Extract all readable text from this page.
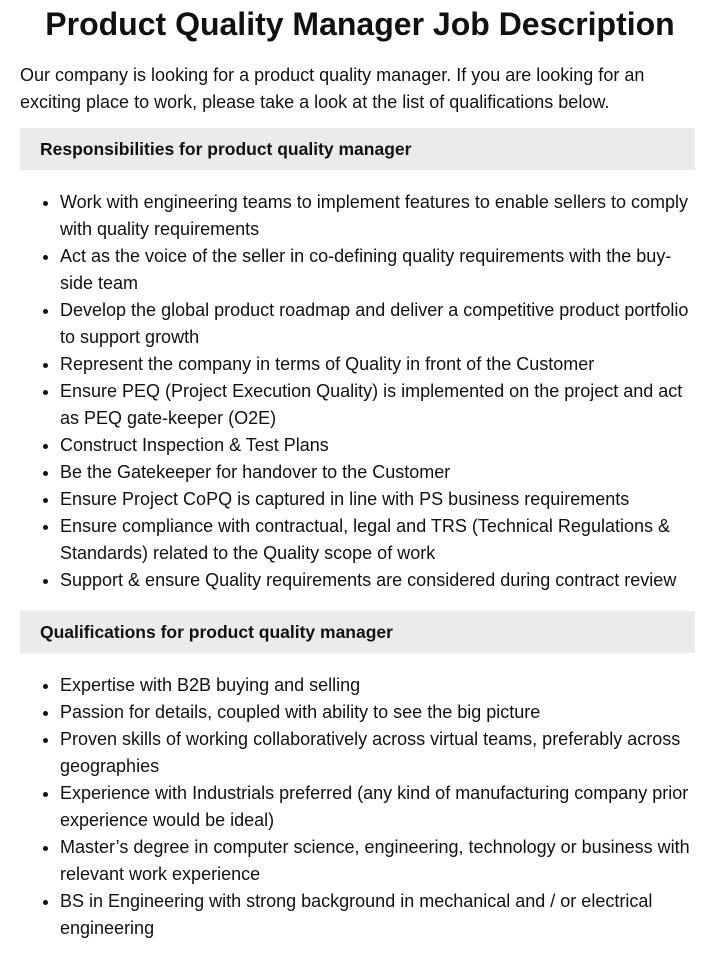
Product Quality Manager Job Description

Our company is looking for a product quality manager. If you are looking for an exciting place to work, please take a look at the list of qualifications below.

Responsibilities for product quality manager
• Work with engineering teams to implement features to enable sellers to comply with quality requirements
• Act as the voice of the seller in co-defining quality requirements with the buy-side team
• Develop the global product roadmap and deliver a competitive product portfolio to support growth
• Represent the company in terms of Quality in front of the Customer
• Ensure PEQ (Project Execution Quality) is implemented on the project and act as PEQ gate-keeper (O2E)
• Construct Inspection & Test Plans
• Be the Gatekeeper for handover to the Customer
• Ensure Project CoPQ is captured in line with PS business requirements
• Ensure compliance with contractual, legal and TRS (Technical Regulations & Standards) related to the Quality scope of work
• Support & ensure Quality requirements are considered during contract review
Qualifications for product quality manager
• Expertise with B2B buying and selling
• Passion for details, coupled with ability to see the big picture
• Proven skills of working collaboratively across virtual teams, preferably across geographies
• Experience with Industrials preferred (any kind of manufacturing company prior experience would be ideal)
• Master’s degree in computer science, engineering, technology or business with relevant work experience
• BS in Engineering with strong background in mechanical and / or electrical engineering
